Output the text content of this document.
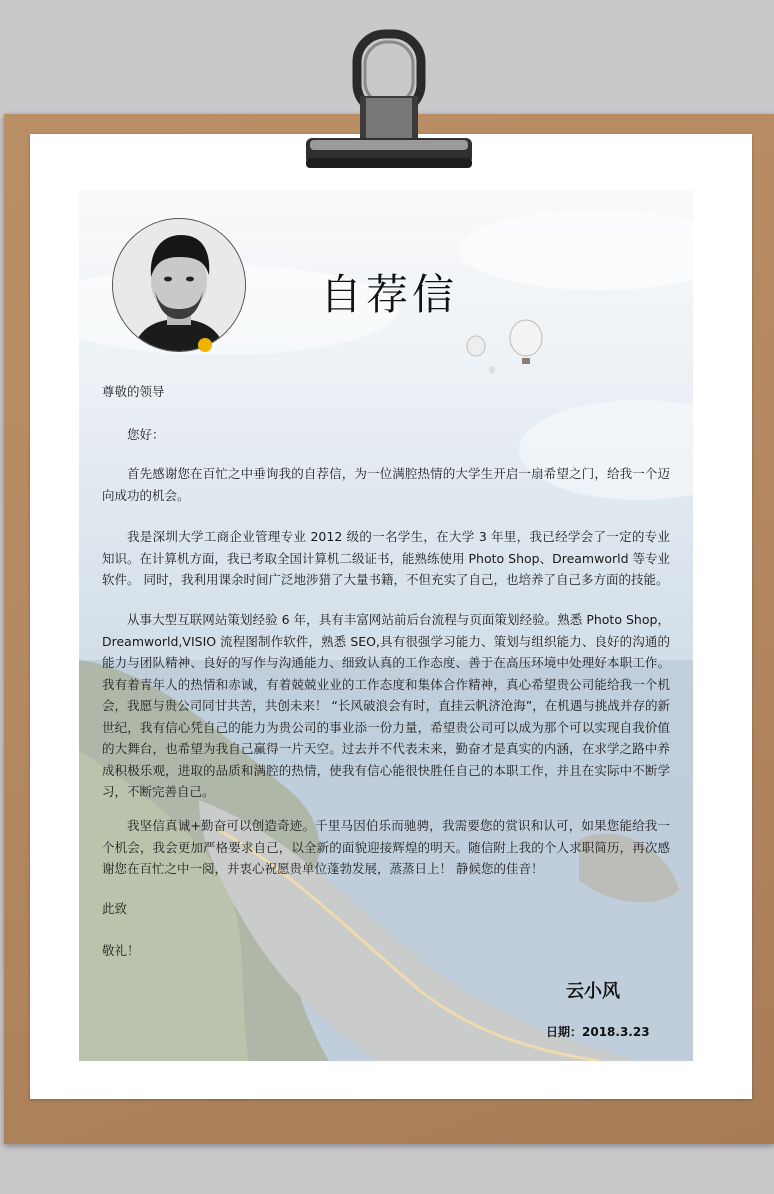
自荐信

尊敬的领导

您好：

首先感谢您在百忙之中垂询我的自荐信，为一位满腔热情的大学生开启一扇希望之门，给我一个迈向成功的机会。

我是深圳大学工商企业管理专业 2012 级的一名学生，在大学 3 年里，我已经学会了一定的专业知识。在计算机方面，我已考取全国计算机二级证书，能熟练使用 Photo Shop、Dreamworld 等专业软件。 同时，我利用课余时间广泛地涉猎了大量书籍，不但充实了自己，也培养了自己多方面的技能。

从事大型互联网站策划经验 6 年，具有丰富网站前后台流程与页面策划经验。熟悉 Photo Shop，Dreamworld,VISIO 流程图制作软件，熟悉 SEO,具有很强学习能力、策划与组织能力、良好的沟通的能力与团队精神、良好的写作与沟通能力、细致认真的工作态度、善于在高压环境中处理好本职工作。 我有着青年人的热情和赤诚，有着兢兢业业的工作态度和集体合作精神，真心希望贵公司能给我一个机会，我愿与贵公司同甘共苦，共创未来！ “长风破浪会有时，直挂云帆济沧海”，在机遇与挑战并存的新世纪，我有信心凭自己的能力为贵公司的事业添一份力量，希望贵公司可以成为那个可以实现自我价值的大舞台，也希望为我自己赢得一片天空。过去并不代表未来，勤奋才是真实的内涵，在求学之路中养成积极乐观，进取的品质和满腔的热情，使我有信心能很快胜任自己的本职工作，并且在实际中不断学习，不断完善自己。

我坚信真诚+勤奋可以创造奇迹。千里马因伯乐而驰骋，我需要您的赏识和认可，如果您能给我一个机会，我会更加严格要求自己，以全新的面貌迎接辉煌的明天。随信附上我的个人求职简历，再次感谢您在百忙之中一阅，并衷心祝愿贵单位蓬勃发展，蒸蒸日上！ 静候您的佳音！

此致

敬礼！

云小风
日期：2018.3.23
